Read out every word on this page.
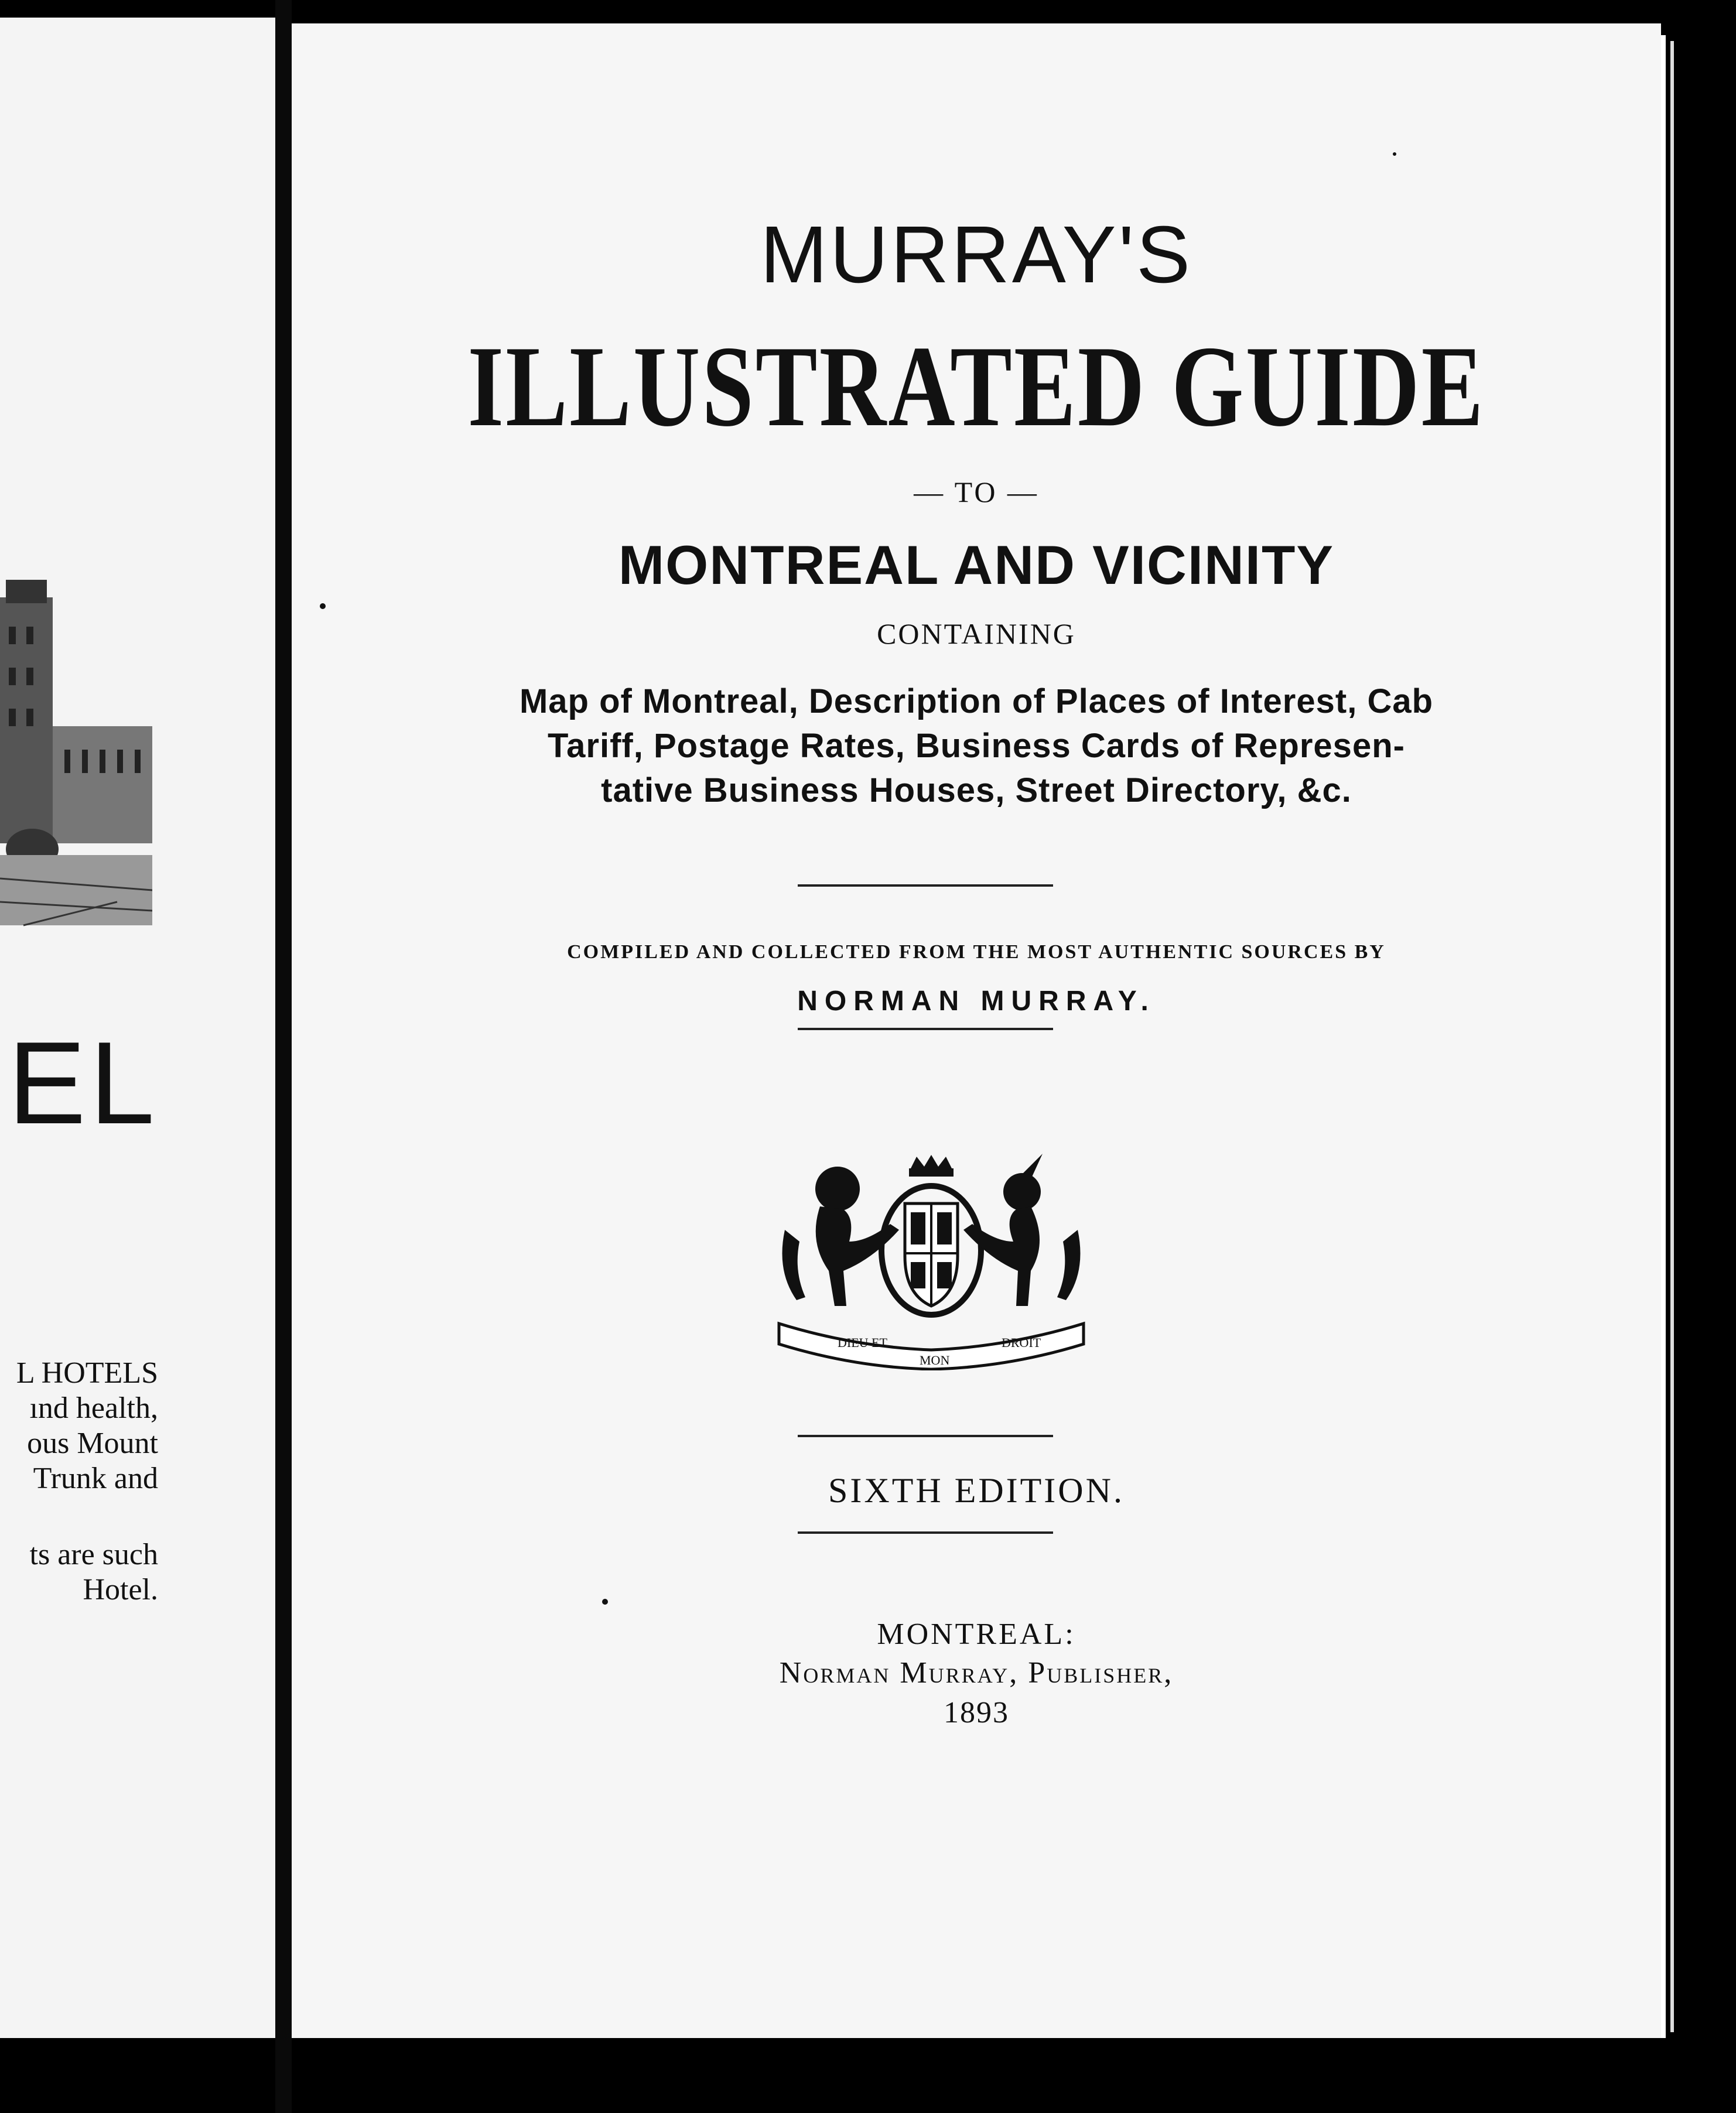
EL
L HOTELS
ınd health,
ous Mount
Trunk and
ts are such
Hotel.
MURRAY'S
ILLUSTRATED GUIDE
— TO —
MONTREAL AND VICINITY
CONTAINING
Map of Montreal, Description of Places of Interest, Cab
Tariff, Postage Rates, Business Cards of Represen-
tative Business Houses, Street Directory, &c.
COMPILED AND COLLECTED FROM THE MOST AUTHENTIC SOURCES BY
NORMAN MURRAY.
DIEU ET
MON
DROIT
SIXTH EDITION.
MONTREAL:
Norman Murray, Publisher,
1893
